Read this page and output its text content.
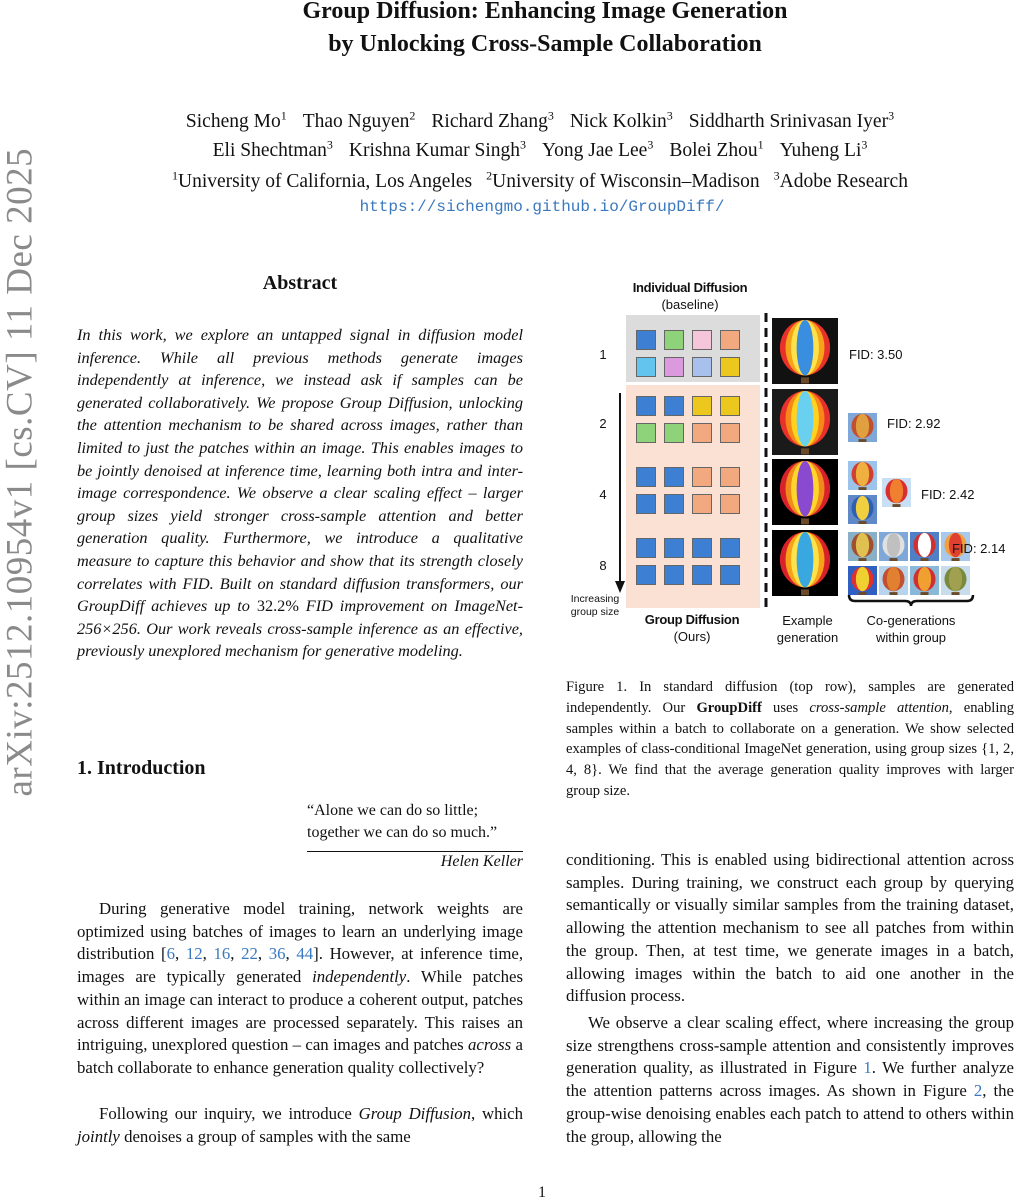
Group Diffusion: Enhancing Image Generation
by Unlocking Cross-Sample Collaboration
Sicheng Mo$^1$ Thao Nguyen$^2$ Richard Zhang$^3$ Nick Kolkin$^3$ Siddharth Srinivasan Iyer$^3$
Eli Shechtman$^3$ Krishna Kumar Singh$^3$ Yong Jae Lee$^3$ Bolei Zhou$^1$ Yuheng Li$^3$
$^1$University of California, Los Angeles $^2$University of Wisconsin–Madison $^3$Adobe Research
https://sichengmo.github.io/GroupDiff/
arXiv:2512.10954v1 [cs.CV] 11 Dec 2025	Abstract
In this work, we explore an untapped signal in diffusion model inference. While all previous methods generate images independently at inference, we instead ask if samples can be generated collaboratively. We propose Group Diffusion, unlocking the attention mechanism to be shared across images, rather than limited to just the patches within an image. This enables images to be jointly denoised at inference time, learning both intra and inter-image correspondence. We observe a clear scaling effect – larger group sizes yield stronger cross-sample attention and better generation quality. Furthermore, we introduce a qualitative measure to capture this behavior and show that its strength closely correlates with FID. Built on standard diffusion transformers, our GroupDiff achieves up to 32.2% FID improvement on ImageNet-256×256. Our work reveals cross-sample inference as an effective, previously unexplored mechanism for generative modeling.
1. Introduction
“Alone we can do so little;
together we can do so much.”
Helen Keller
During generative model training, network weights are optimized using batches of images to learn an underlying image distribution [6, 12, 16, 22, 36, 44]. However, at inference time, images are typically generated independently. While patches within an image can interact to produce a coherent output, patches across different images are processed separately. This raises an intriguing, unexplored question – can images and patches across a batch collaborate to enhance generation quality collectively?
Following our inquiry, we introduce Group Diffusion, which jointly denoises a group of samples with the same
conditioning. This is enabled using bidirectional attention across samples. During training, we construct each group by querying semantically or visually similar samples from the training dataset, allowing the attention mechanism to see all patches from within the group. Then, at test time, we generate images in a batch, allowing images within the batch to aid one another in the diffusion process.
We observe a clear scaling effect, where increasing the group size strengthens cross-sample attention and consistently improves generation quality, as illustrated in Figure 1. We further analyze the attention patterns across images. As shown in Figure 2, the group-wise denoising enables each patch to attend to others within the group, allowing the
Individual Diffusion
(baseline)
1
2
4
8
Increasing
group size	Group Diffusion
(Ours)
Example
generation
Co-generations
within group
FID: 3.50
FID: 2.92
FID: 2.42
FID: 2.14
Figure 1. In standard diffusion (top row), samples are generated independently. Our GroupDiff uses cross-sample attention, enabling samples within a batch to collaborate on a generation. We show selected examples of class-conditional ImageNet generation, using group sizes {1, 2, 4, 8}. We find that the average generation quality improves with larger group size.
1
